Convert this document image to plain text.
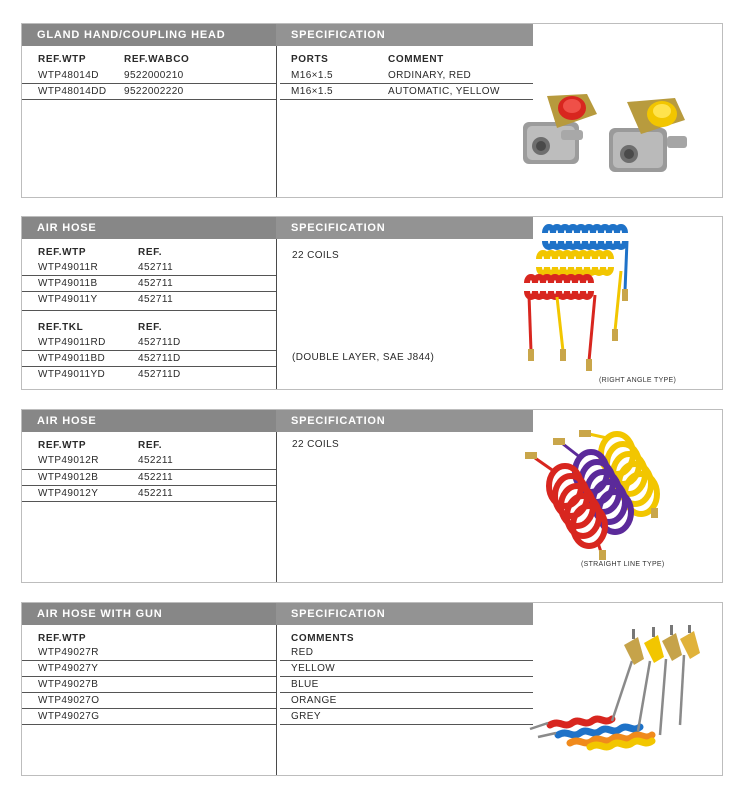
GLAND HAND/COUPLING HEAD	SPECIFICATION
REF.WTP	REF.WABCO	PORTS	COMMENT
WTP48014D	9522000210	M16×1.5	ORDINARY, RED
WTP48014DD 9522002220	M16×1.5	AUTOMATIC, YELLOW
AIR HOSE	SPECIFICATION
REF.WTP	REF.
WTP49011R	452711
WTP49011B	452711
WTP49011Y	452711
REF.TKL	REF.
WTP49011RD	452711D
WTP49011BD	452711D
WTP49011YD	452711D
22 COILS
(DOUBLE LAYER, SAE J844)
(RIGHT ANGLE TYPE)
AIR HOSE	SPECIFICATION
REF.WTP	REF.
WTP49012R	452211
WTP49012B	452211
WTP49012Y	452211
22 COILS
(STRAIGHT LINE TYPE)
AIR HOSE WITH GUN	SPECIFICATION
REF.WTP	COMMENTS
WTP49027R	RED
WTP49027Y	YELLOW
WTP49027B	BLUE
WTP49027O	ORANGE
WTP49027G	GREY
